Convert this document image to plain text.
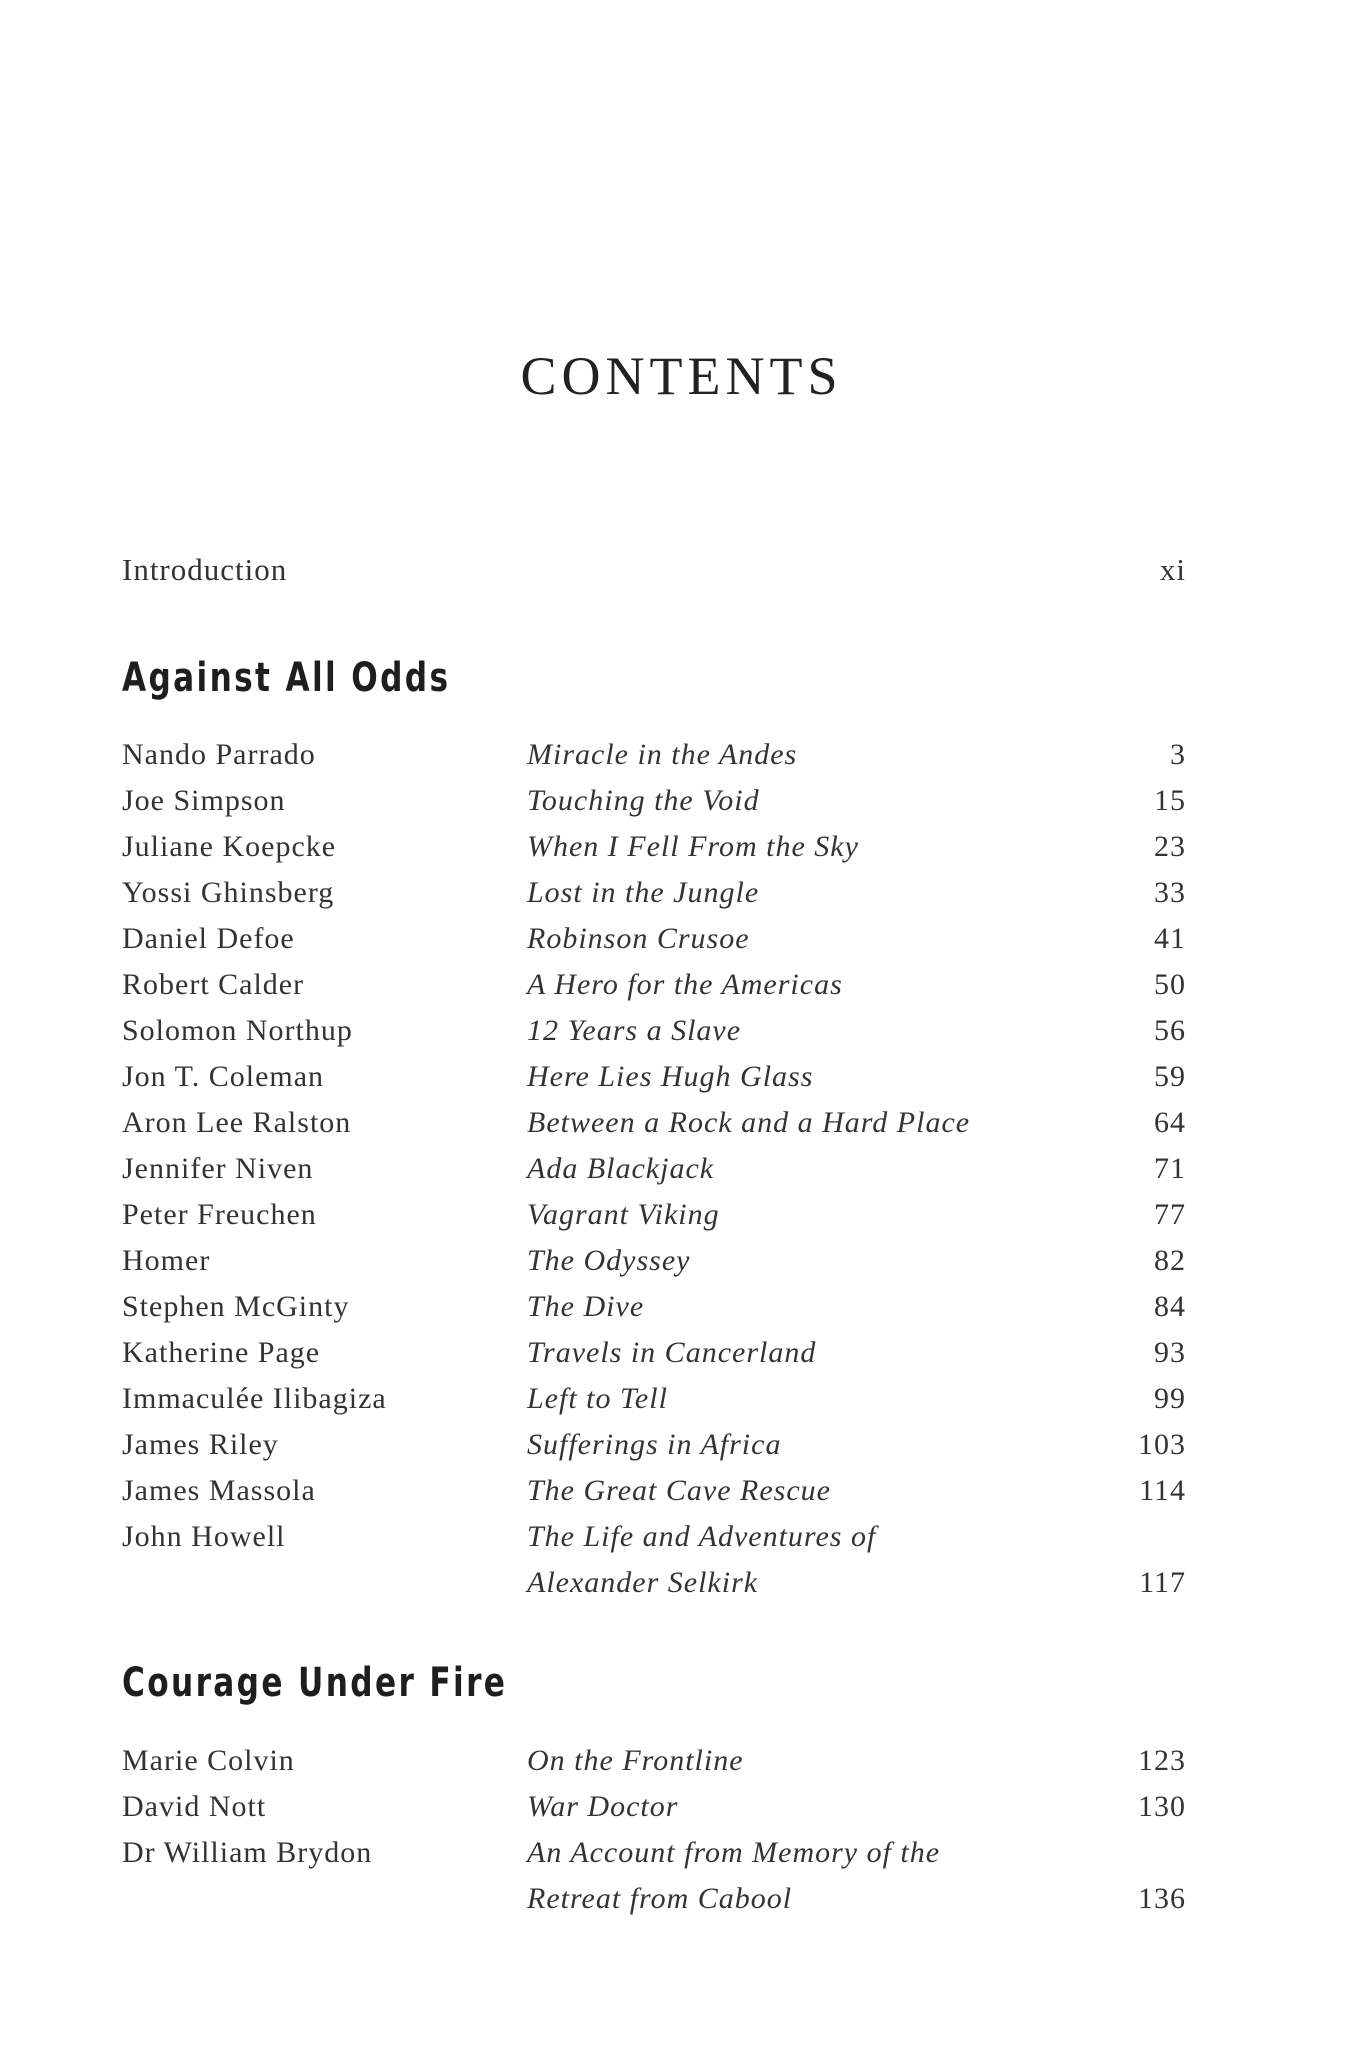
CONTENTS
Introduction	xi
Against All Odds
Nando Parrado	Miracle in the Andes	3
Joe Simpson	Touching the Void	15
Juliane Koepcke	When I Fell From the Sky	23
Yossi Ghinsberg	Lost in the Jungle	33
Daniel Defoe	Robinson Crusoe	41
Robert Calder	A Hero for the Americas	50
Solomon Northup	12 Years a Slave	56
Jon T. Coleman	Here Lies Hugh Glass	59
Aron Lee Ralston	Between a Rock and a Hard Place	64
Jennifer Niven	Ada Blackjack	71
Peter Freuchen	Vagrant Viking	77
Homer	The Odyssey	82
Stephen McGinty	The Dive	84
Katherine Page	Travels in Cancerland	93
Immaculée Ilibagiza	Left to Tell	99
James Riley	Sufferings in Africa	103
James Massola	The Great Cave Rescue	114
John Howell	The Life and Adventures of
Alexander Selkirk	117
Courage Under Fire
Marie Colvin	On the Frontline	123
David Nott	War Doctor	130
Dr William Brydon	An Account from Memory of the
Retreat from Cabool	136
